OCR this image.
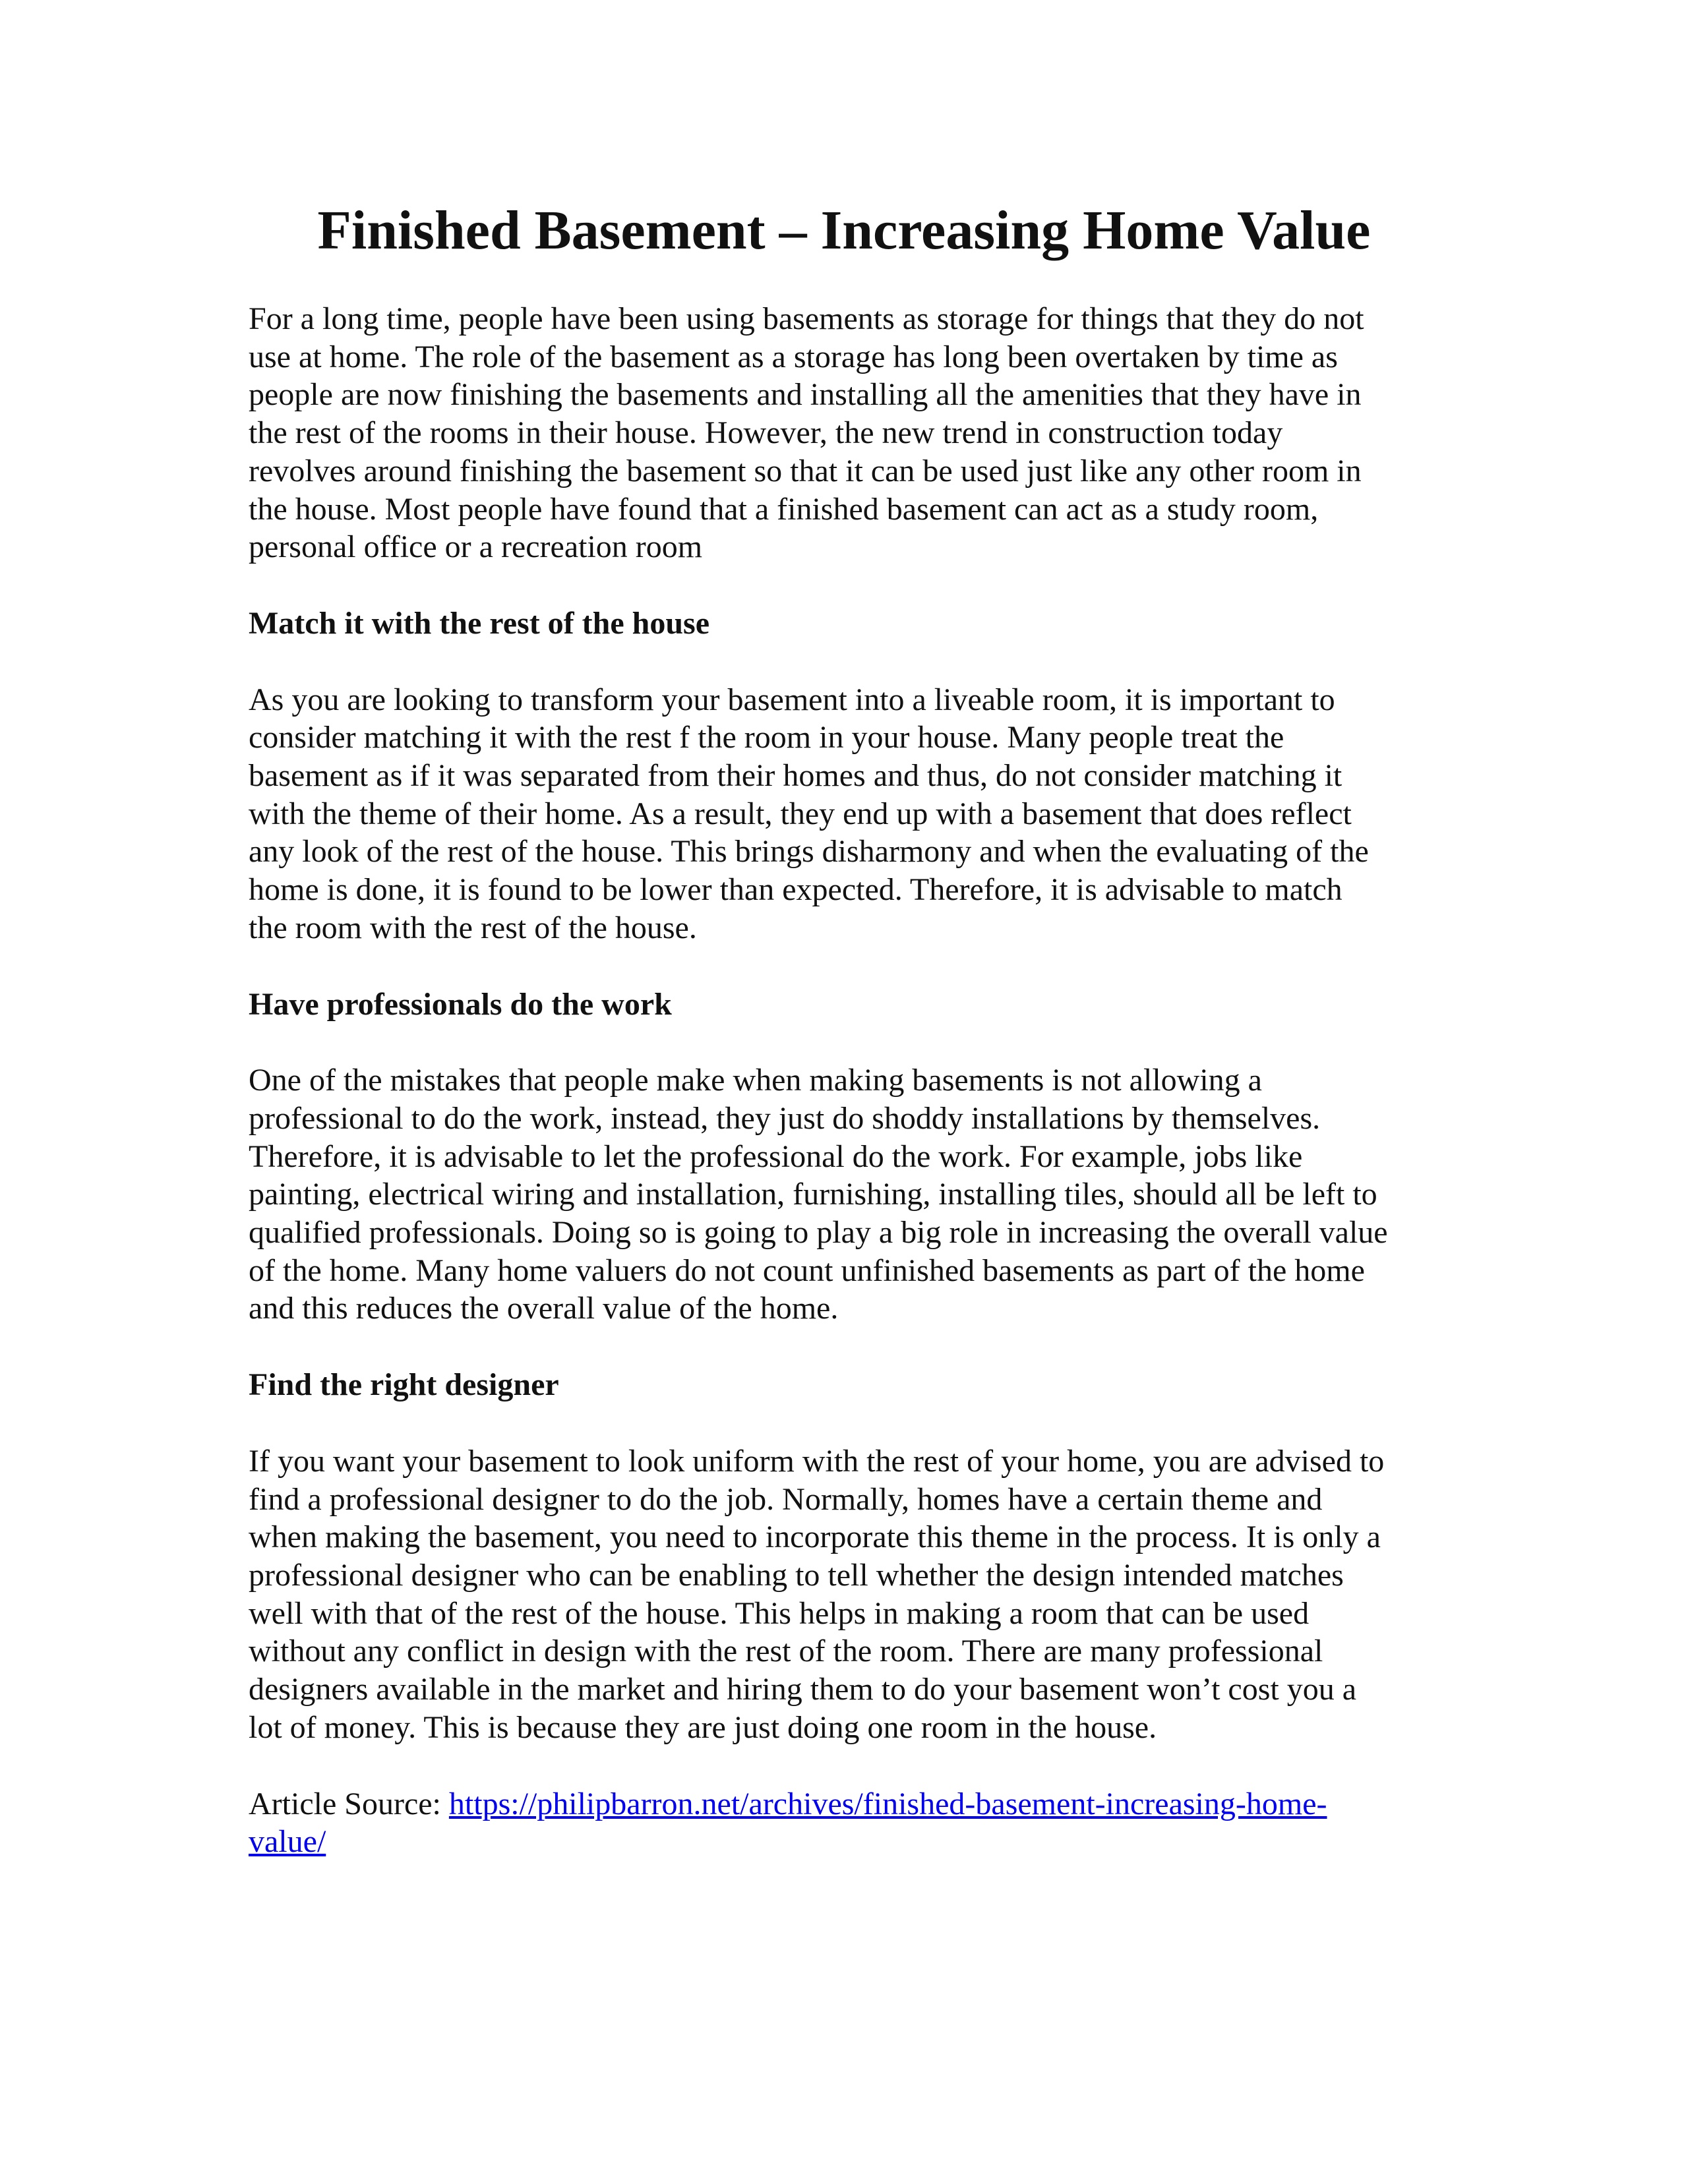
Finished Basement – Increasing Home Value

For a long time, people have been using basements as storage for things that they do not
use at home. The role of the basement as a storage has long been overtaken by time as
people are now finishing the basements and installing all the amenities that they have in
the rest of the rooms in their house. However, the new trend in construction today
revolves around finishing the basement so that it can be used just like any other room in
the house. Most people have found that a finished basement can act as a study room,
personal office or a recreation room

Match it with the rest of the house

As you are looking to transform your basement into a liveable room, it is important to
consider matching it with the rest f the room in your house. Many people treat the
basement as if it was separated from their homes and thus, do not consider matching it
with the theme of their home. As a result, they end up with a basement that does reflect
any look of the rest of the house. This brings disharmony and when the evaluating of the
home is done, it is found to be lower than expected. Therefore, it is advisable to match
the room with the rest of the house.

Have professionals do the work

One of the mistakes that people make when making basements is not allowing a
professional to do the work, instead, they just do shoddy installations by themselves.
Therefore, it is advisable to let the professional do the work. For example, jobs like
painting, electrical wiring and installation, furnishing, installing tiles, should all be left to
qualified professionals. Doing so is going to play a big role in increasing the overall value
of the home. Many home valuers do not count unfinished basements as part of the home
and this reduces the overall value of the home.

Find the right designer

If you want your basement to look uniform with the rest of your home, you are advised to
find a professional designer to do the job. Normally, homes have a certain theme and
when making the basement, you need to incorporate this theme in the process. It is only a
professional designer who can be enabling to tell whether the design intended matches
well with that of the rest of the house. This helps in making a room that can be used
without any conflict in design with the rest of the room. There are many professional
designers available in the market and hiring them to do your basement won’t cost you a
lot of money. This is because they are just doing one room in the house.

Article Source: https://philipbarron.net/archives/finished-basement-increasing-home-
value/
